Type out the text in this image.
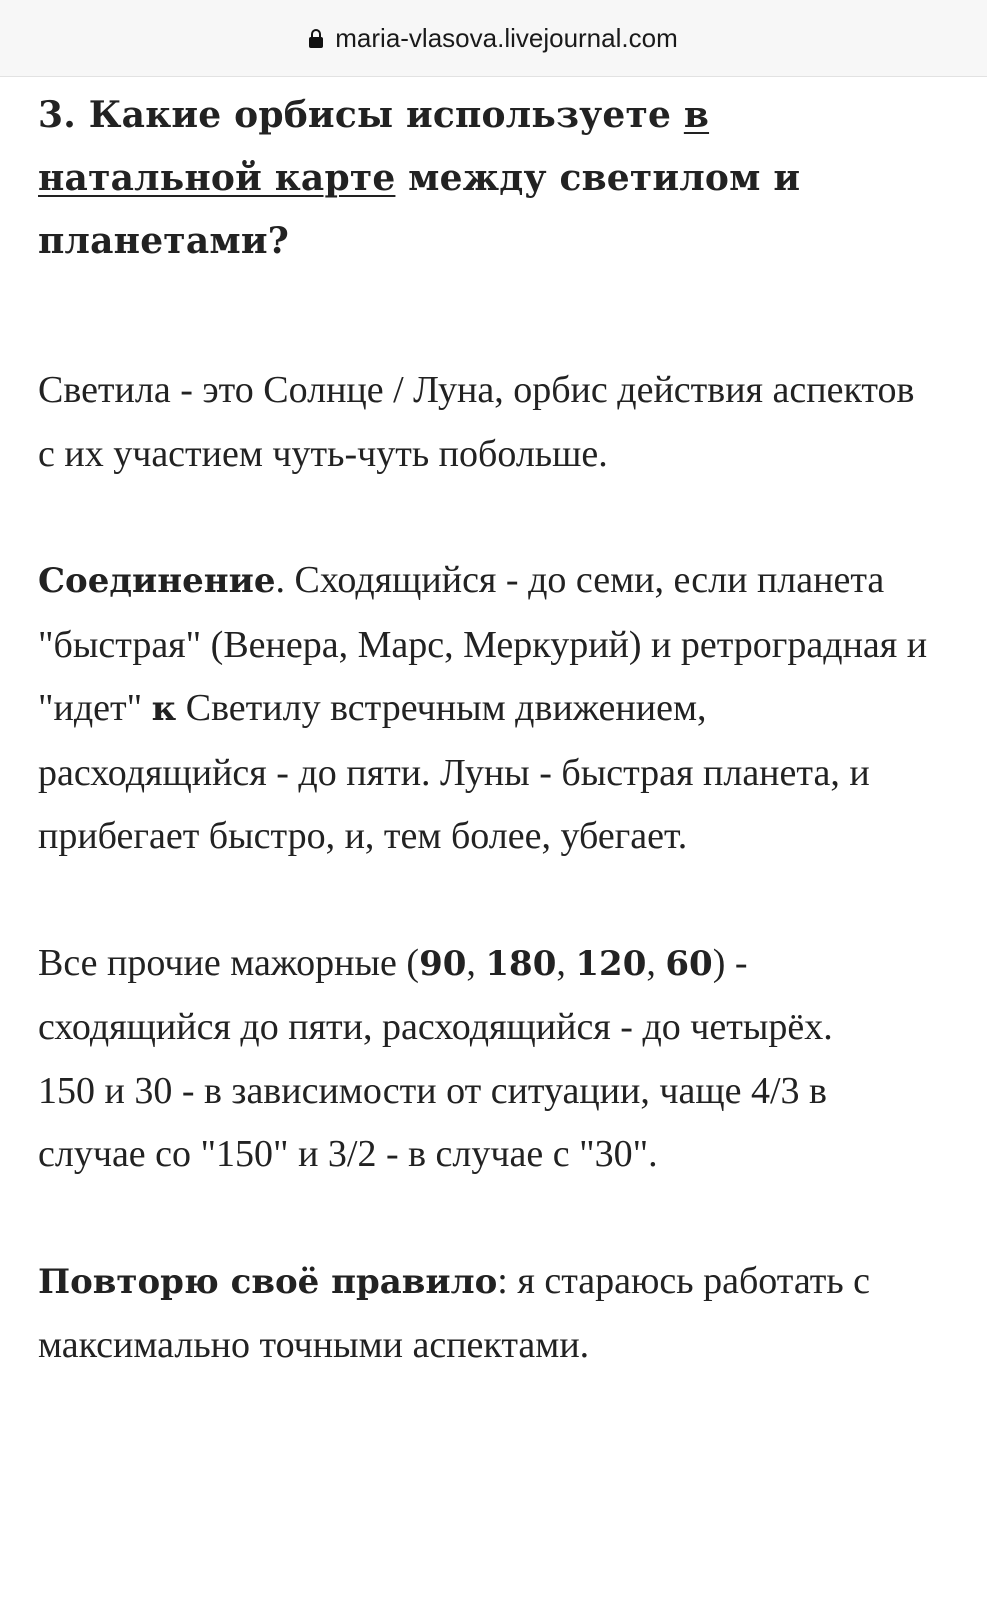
maria-vlasova.livejournal.com
3. Какие орбисы используете в натальной карте между светилом и планетами?

Светила - это Солнце / Луна, орбис действия аспектов с их участием чуть-чуть побольше.

Соединение. Сходящийся - до семи, если планета "быстрая" (Венера, Марс, Меркурий) и ретроградная и "идет" к Светилу встречным движением, расходящийся - до пяти. Луны - быстрая планета, и прибегает быстро, и, тем более, убегает.

Все прочие мажорные (90, 180, 120, 60) - сходящийся до пяти, расходящийся - до четырёх.

150 и 30 - в зависимости от ситуации, чаще 4/3 в случае со "150" и 3/2 - в случае с "30".

Повторю своё правило: я стараюсь работать с максимально точными аспектами.
